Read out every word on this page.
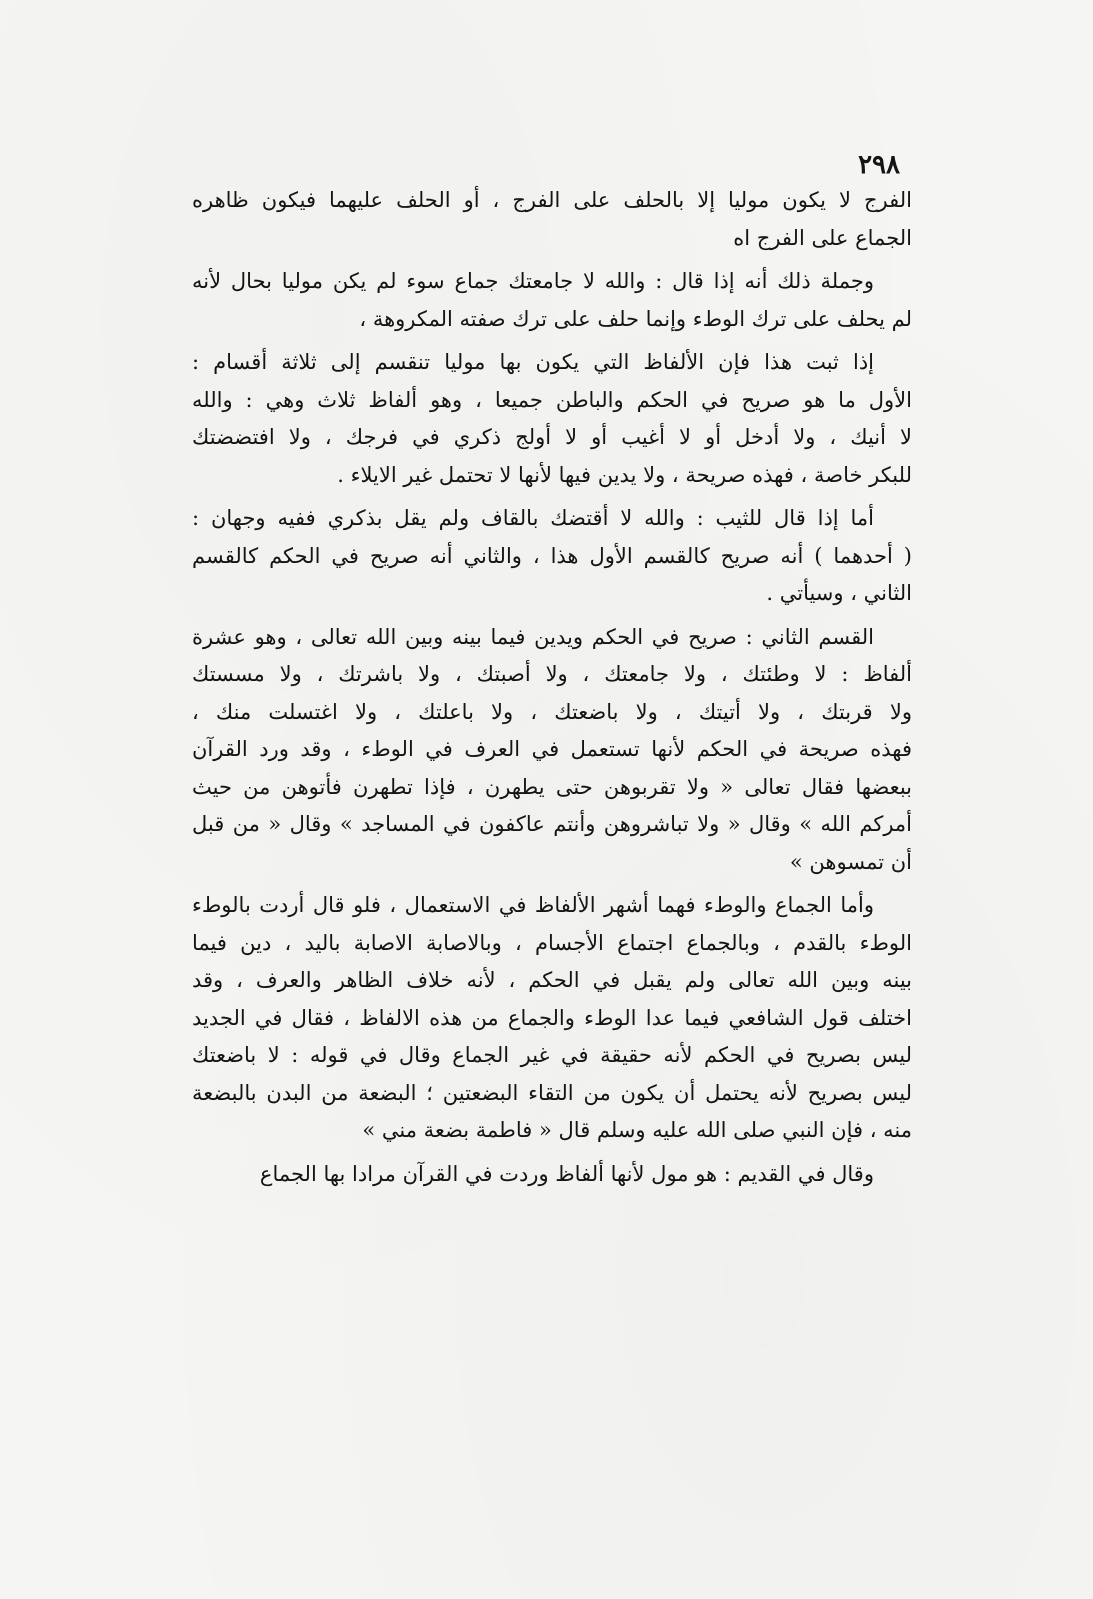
٢٩٨
الفرج لا يكون موليا إلا بالحلف على الفرج ، أو الحلف عليهما فيكون ظاهره
الجماع على الفرج اه
وجملة ذلك أنه إذا قال : والله لا جامعتك جماع سوء لم يكن موليا بحال لأنه
لم يحلف على ترك الوطء وإنما حلف على ترك صفته المكروهة ،
إذا ثبت هذا فإن الألفاظ التي يكون بها موليا تنقسم إلى ثلاثة أقسام :
الأول ما هو صريح في الحكم والباطن جميعا ، وهو ألفاظ ثلاث وهي : والله
لا أنيك ، ولا أدخل أو لا أغيب أو لا أولج ذكري في فرجك ، ولا افتضضتك
للبكر خاصة ، فهذه صريحة ، ولا يدين فيها لأنها لا تحتمل غير الايلاء .
أما إذا قال للثيب : والله لا أقتضك بالقاف ولم يقل بذكري ففيه وجهان :
( أحدهما ) أنه صريح كالقسم الأول هذا ، والثاني أنه صريح في الحكم كالقسم
الثاني ، وسيأتي .
القسم الثاني : صريح في الحكم ويدين فيما بينه وبين الله تعالى ، وهو عشرة
ألفاظ : لا وطئتك ، ولا جامعتك ، ولا أصبتك ، ولا باشرتك ، ولا مسستك
ولا قربتك ، ولا أتيتك ، ولا باضعتك ، ولا باعلتك ، ولا اغتسلت منك ،
فهذه صريحة في الحكم لأنها تستعمل في العرف في الوطء ، وقد ورد القرآن
ببعضها فقال تعالى « ولا تقربوهن حتى يطهرن ، فإذا تطهرن فأتوهن من حيث
أمركم الله » وقال « ولا تباشروهن وأنتم عاكفون في المساجد » وقال « من قبل
أن تمسوهن »
وأما الجماع والوطء فهما أشهر الألفاظ في الاستعمال ، فلو قال أردت بالوطء
الوطء بالقدم ، وبالجماع اجتماع الأجسام ، وبالاصابة الاصابة باليد ، دين فيما
بينه وبين الله تعالى ولم يقبل في الحكم ، لأنه خلاف الظاهر والعرف ، وقد
اختلف قول الشافعي فيما عدا الوطء والجماع من هذه الالفاظ ، فقال في الجديد
ليس بصريح في الحكم لأنه حقيقة في غير الجماع وقال في قوله : لا باضعتك
ليس بصريح لأنه يحتمل أن يكون من التقاء البضعتين ؛ البضعة من البدن بالبضعة
منه ، فإن النبي صلى الله عليه وسلم قال « فاطمة بضعة مني »
وقال في القديم : هو مول لأنها ألفاظ وردت في القرآن مرادا بها الجماع
